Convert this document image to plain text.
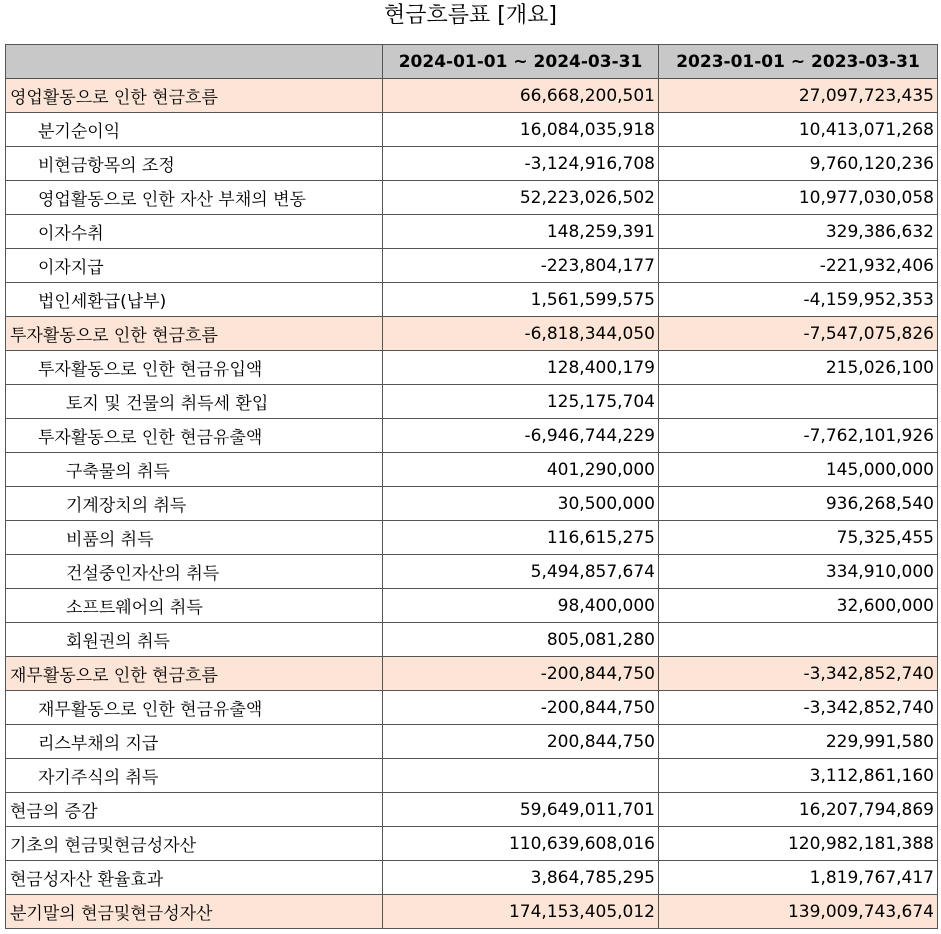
현금흐름표 [개요]
	2024-01-01 ~ 2024-03-31	2023-01-01 ~ 2023-03-31
영업활동으로 인한 현금흐름	66,668,200,501	27,097,723,435
분기순이익	16,084,035,918	10,413,071,268
비현금항목의 조정	-3,124,916,708	9,760,120,236
영업활동으로 인한 자산 부채의 변동	52,223,026,502	10,977,030,058
이자수취	148,259,391	329,386,632
이자지급	-223,804,177	-221,932,406
법인세환급(납부)	1,561,599,575	-4,159,952,353
투자활동으로 인한 현금흐름	-6,818,344,050	-7,547,075,826
투자활동으로 인한 현금유입액	128,400,179	215,026,100
토지 및 건물의 취득세 환입	125,175,704	
투자활동으로 인한 현금유출액	-6,946,744,229	-7,762,101,926
구축물의 취득	401,290,000	145,000,000
기계장치의 취득	30,500,000	936,268,540
비품의 취득	116,615,275	75,325,455
건설중인자산의 취득	5,494,857,674	334,910,000
소프트웨어의 취득	98,400,000	32,600,000
회원권의 취득	805,081,280	
재무활동으로 인한 현금흐름	-200,844,750	-3,342,852,740
재무활동으로 인한 현금유출액	-200,844,750	-3,342,852,740
리스부채의 지급	200,844,750	229,991,580
자기주식의 취득		3,112,861,160
현금의 증감	59,649,011,701	16,207,794,869
기초의 현금및현금성자산	110,639,608,016	120,982,181,388
현금성자산 환율효과	3,864,785,295	1,819,767,417
분기말의 현금및현금성자산	174,153,405,012	139,009,743,674
